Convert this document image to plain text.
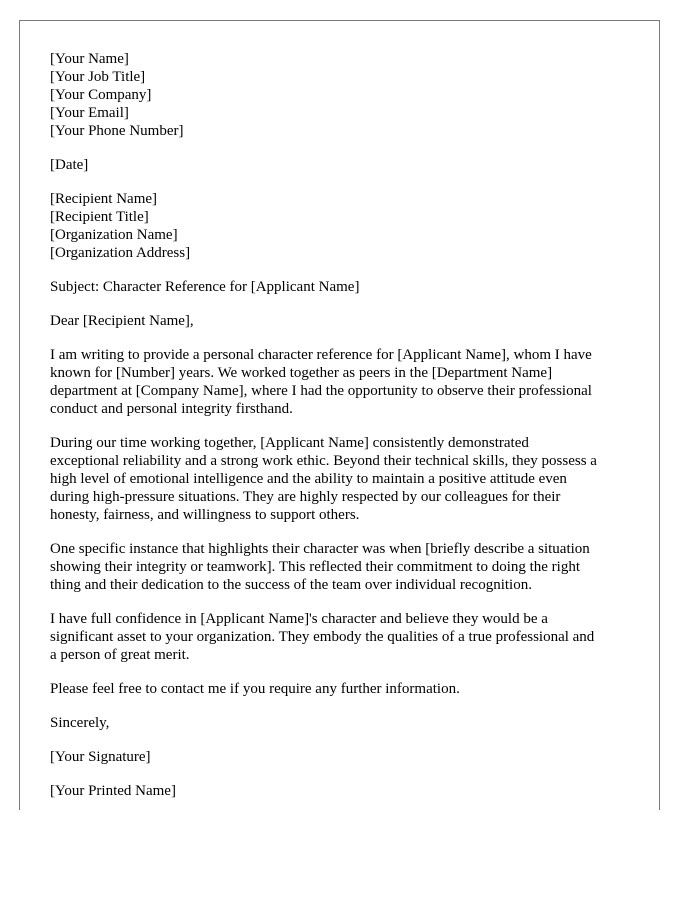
[Your Name]
[Your Job Title]
[Your Company]
[Your Email]
[Your Phone Number]
[Date]
[Recipient Name]
[Recipient Title]
[Organization Name]
[Organization Address]

Subject: Character Reference for [Applicant Name]

Dear [Recipient Name],

I am writing to provide a personal character reference for [Applicant Name], whom I have
known for [Number] years. We worked together as peers in the [Department Name]
department at [Company Name], where I had the opportunity to observe their professional
conduct and personal integrity firsthand.

During our time working together, [Applicant Name] consistently demonstrated
exceptional reliability and a strong work ethic. Beyond their technical skills, they possess a
high level of emotional intelligence and the ability to maintain a positive attitude even
during high-pressure situations. They are highly respected by our colleagues for their
honesty, fairness, and willingness to support others.

One specific instance that highlights their character was when [briefly describe a situation
showing their integrity or teamwork]. This reflected their commitment to doing the right
thing and their dedication to the success of the team over individual recognition.

I have full confidence in [Applicant Name]'s character and believe they would be a
significant asset to your organization. They embody the qualities of a true professional and
a person of great merit.

Please feel free to contact me if you require any further information.

Sincerely,

[Your Signature]

[Your Printed Name]
